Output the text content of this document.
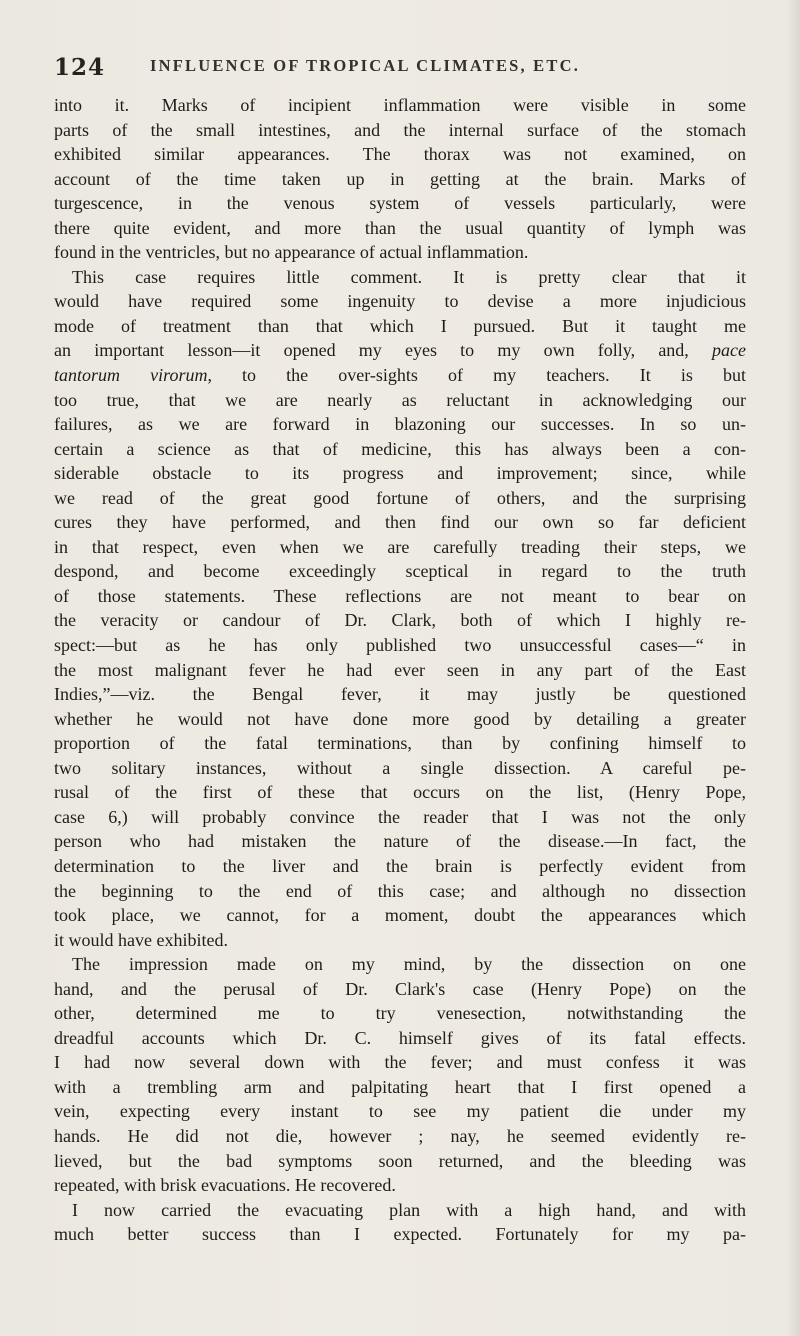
124	INFLUENCE OF TROPICAL CLIMATES, ETC.
into it. Marks of incipient inflammation were visible in some
parts of the small intestines, and the internal surface of the stomach
exhibited similar appearances. The thorax was not examined, on
account of the time taken up in getting at the brain. Marks of
turgescence, in the venous system of vessels particularly, were
there quite evident, and more than the usual quantity of lymph was
found in the ventricles, but no appearance of actual inflammation.
This case requires little comment. It is pretty clear that it
would have required some ingenuity to devise a more injudicious
mode of treatment than that which I pursued. But it taught me
an important lesson—it opened my eyes to my own folly, and, pace
tantorum virorum, to the over-sights of my teachers. It is but
too true, that we are nearly as reluctant in acknowledging our
failures, as we are forward in blazoning our successes. In so un-
certain a science as that of medicine, this has always been a con-
siderable obstacle to its progress and improvement; since, while
we read of the great good fortune of others, and the surprising
cures they have performed, and then find our own so far deficient
in that respect, even when we are carefully treading their steps, we
despond, and become exceedingly sceptical in regard to the truth
of those statements. These reflections are not meant to bear on
the veracity or candour of Dr. Clark, both of which I highly re-
spect:—but as he has only published two unsuccessful cases—“ in
the most malignant fever he had ever seen in any part of the East
Indies,”—viz. the Bengal fever, it may justly be questioned
whether he would not have done more good by detailing a greater
proportion of the fatal terminations, than by confining himself to
two solitary instances, without a single dissection. A careful pe-
rusal of the first of these that occurs on the list, (Henry Pope,
case 6,) will probably convince the reader that I was not the only
person who had mistaken the nature of the disease.—In fact, the
determination to the liver and the brain is perfectly evident from
the beginning to the end of this case; and although no dissection
took place, we cannot, for a moment, doubt the appearances which
it would have exhibited.
The impression made on my mind, by the dissection on one
hand, and the perusal of Dr. Clark's case (Henry Pope) on the
other, determined me to try venesection, notwithstanding the
dreadful accounts which Dr. C. himself gives of its fatal effects.
I had now several down with the fever; and must confess it was
with a trembling arm and palpitating heart that I first opened a
vein, expecting every instant to see my patient die under my
hands. He did not die, however ; nay, he seemed evidently re-
lieved, but the bad symptoms soon returned, and the bleeding was
repeated, with brisk evacuations. He recovered.
I now carried the evacuating plan with a high hand, and with
much better success than I expected. Fortunately for my pa-
